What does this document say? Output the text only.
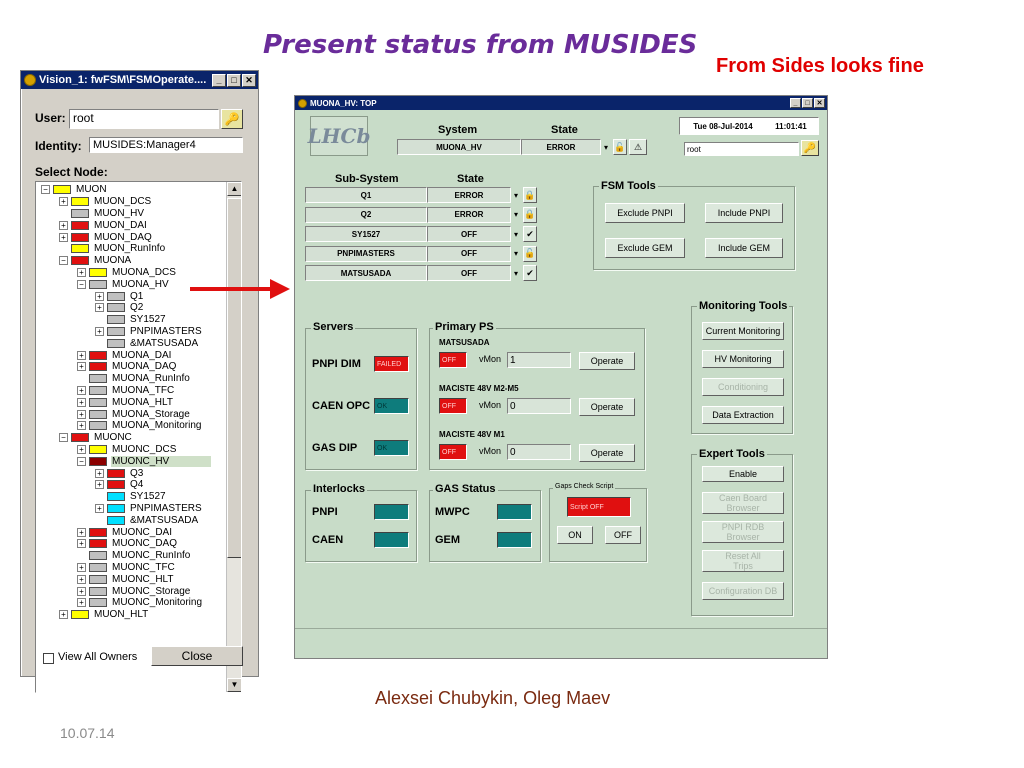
Present status from MUSIDES
From Sides looks fine
Alexsei Chubykin, Oleg Maev
10.07.14
Vision_1: fwFSM\FSMOperate....	_	□ ✕
User: root	🔑
Identity:	MUSIDES:Manager4
Select Node:
−	MUON
+	MUON_DCS
MUON_HV
+	MUON_DAI
+	MUON_DAQ
MUON_RunInfo
−	MUONA
+	MUONA_DCS
−	MUONA_HV
+	Q1
+	Q2
SY1527
+	PNPIMASTERS
&MATSUSADA
+	MUONA_DAI
+	MUONA_DAQ
MUONA_RunInfo
+	MUONA_TFC
+	MUONA_HLT
+	MUONA_Storage
+	MUONA_Monitoring
−	MUONC
+	MUONC_DCS
−	MUONC_HV
+	Q3
+	Q4
SY1527
+	PNPIMASTERS
&MATSUSADA
+	MUONC_DAI
+	MUONC_DAQ
MUONC_RunInfo
+	MUONC_TFC
+	MUONC_HLT
+	MUONC_Storage
+	MUONC_Monitoring
+	MUON_HLT
▲
▼
View All Owners	Close
MUONA_HV: TOP	_	□ ✕
LHCb	System	State
MUONA_HV	ERROR	▾ 🔓 ⚠
Tue 08-Jul-2014	11:01:41
root	🔑
Sub-System	State
Q1	ERROR	▾ 🔒
Q2	ERROR	▾ 🔒
SY1527	OFF	▾ ✔
PNPIMASTERS	OFF	▾ 🔓
MATSUSADA	OFF	▾ ✔
FSM Tools
Exclude PNPI	Include PNPI
Exclude GEM	Include GEM
Monitoring Tools
Current Monitoring
HV Monitoring
Conditioning
Data Extraction
Expert Tools
Enable
Caen Board Browser
PNPI RDB Browser
Reset All Trips
Configuration DB
Servers
PNPI DIM	FAILED
CAEN OPC OK
GAS DIP	OK
Primary PS
MATSUSADA
OFF	vMon 1	Operate
MACISTE 48V M2-M5
OFF	vMon 0	Operate
MACISTE 48V M1
OFF	vMon 0	Operate
Interlocks
PNPI
CAEN
GAS Status
MWPC
GEM
Gaps Check Script
Script OFF
ON	OFF
